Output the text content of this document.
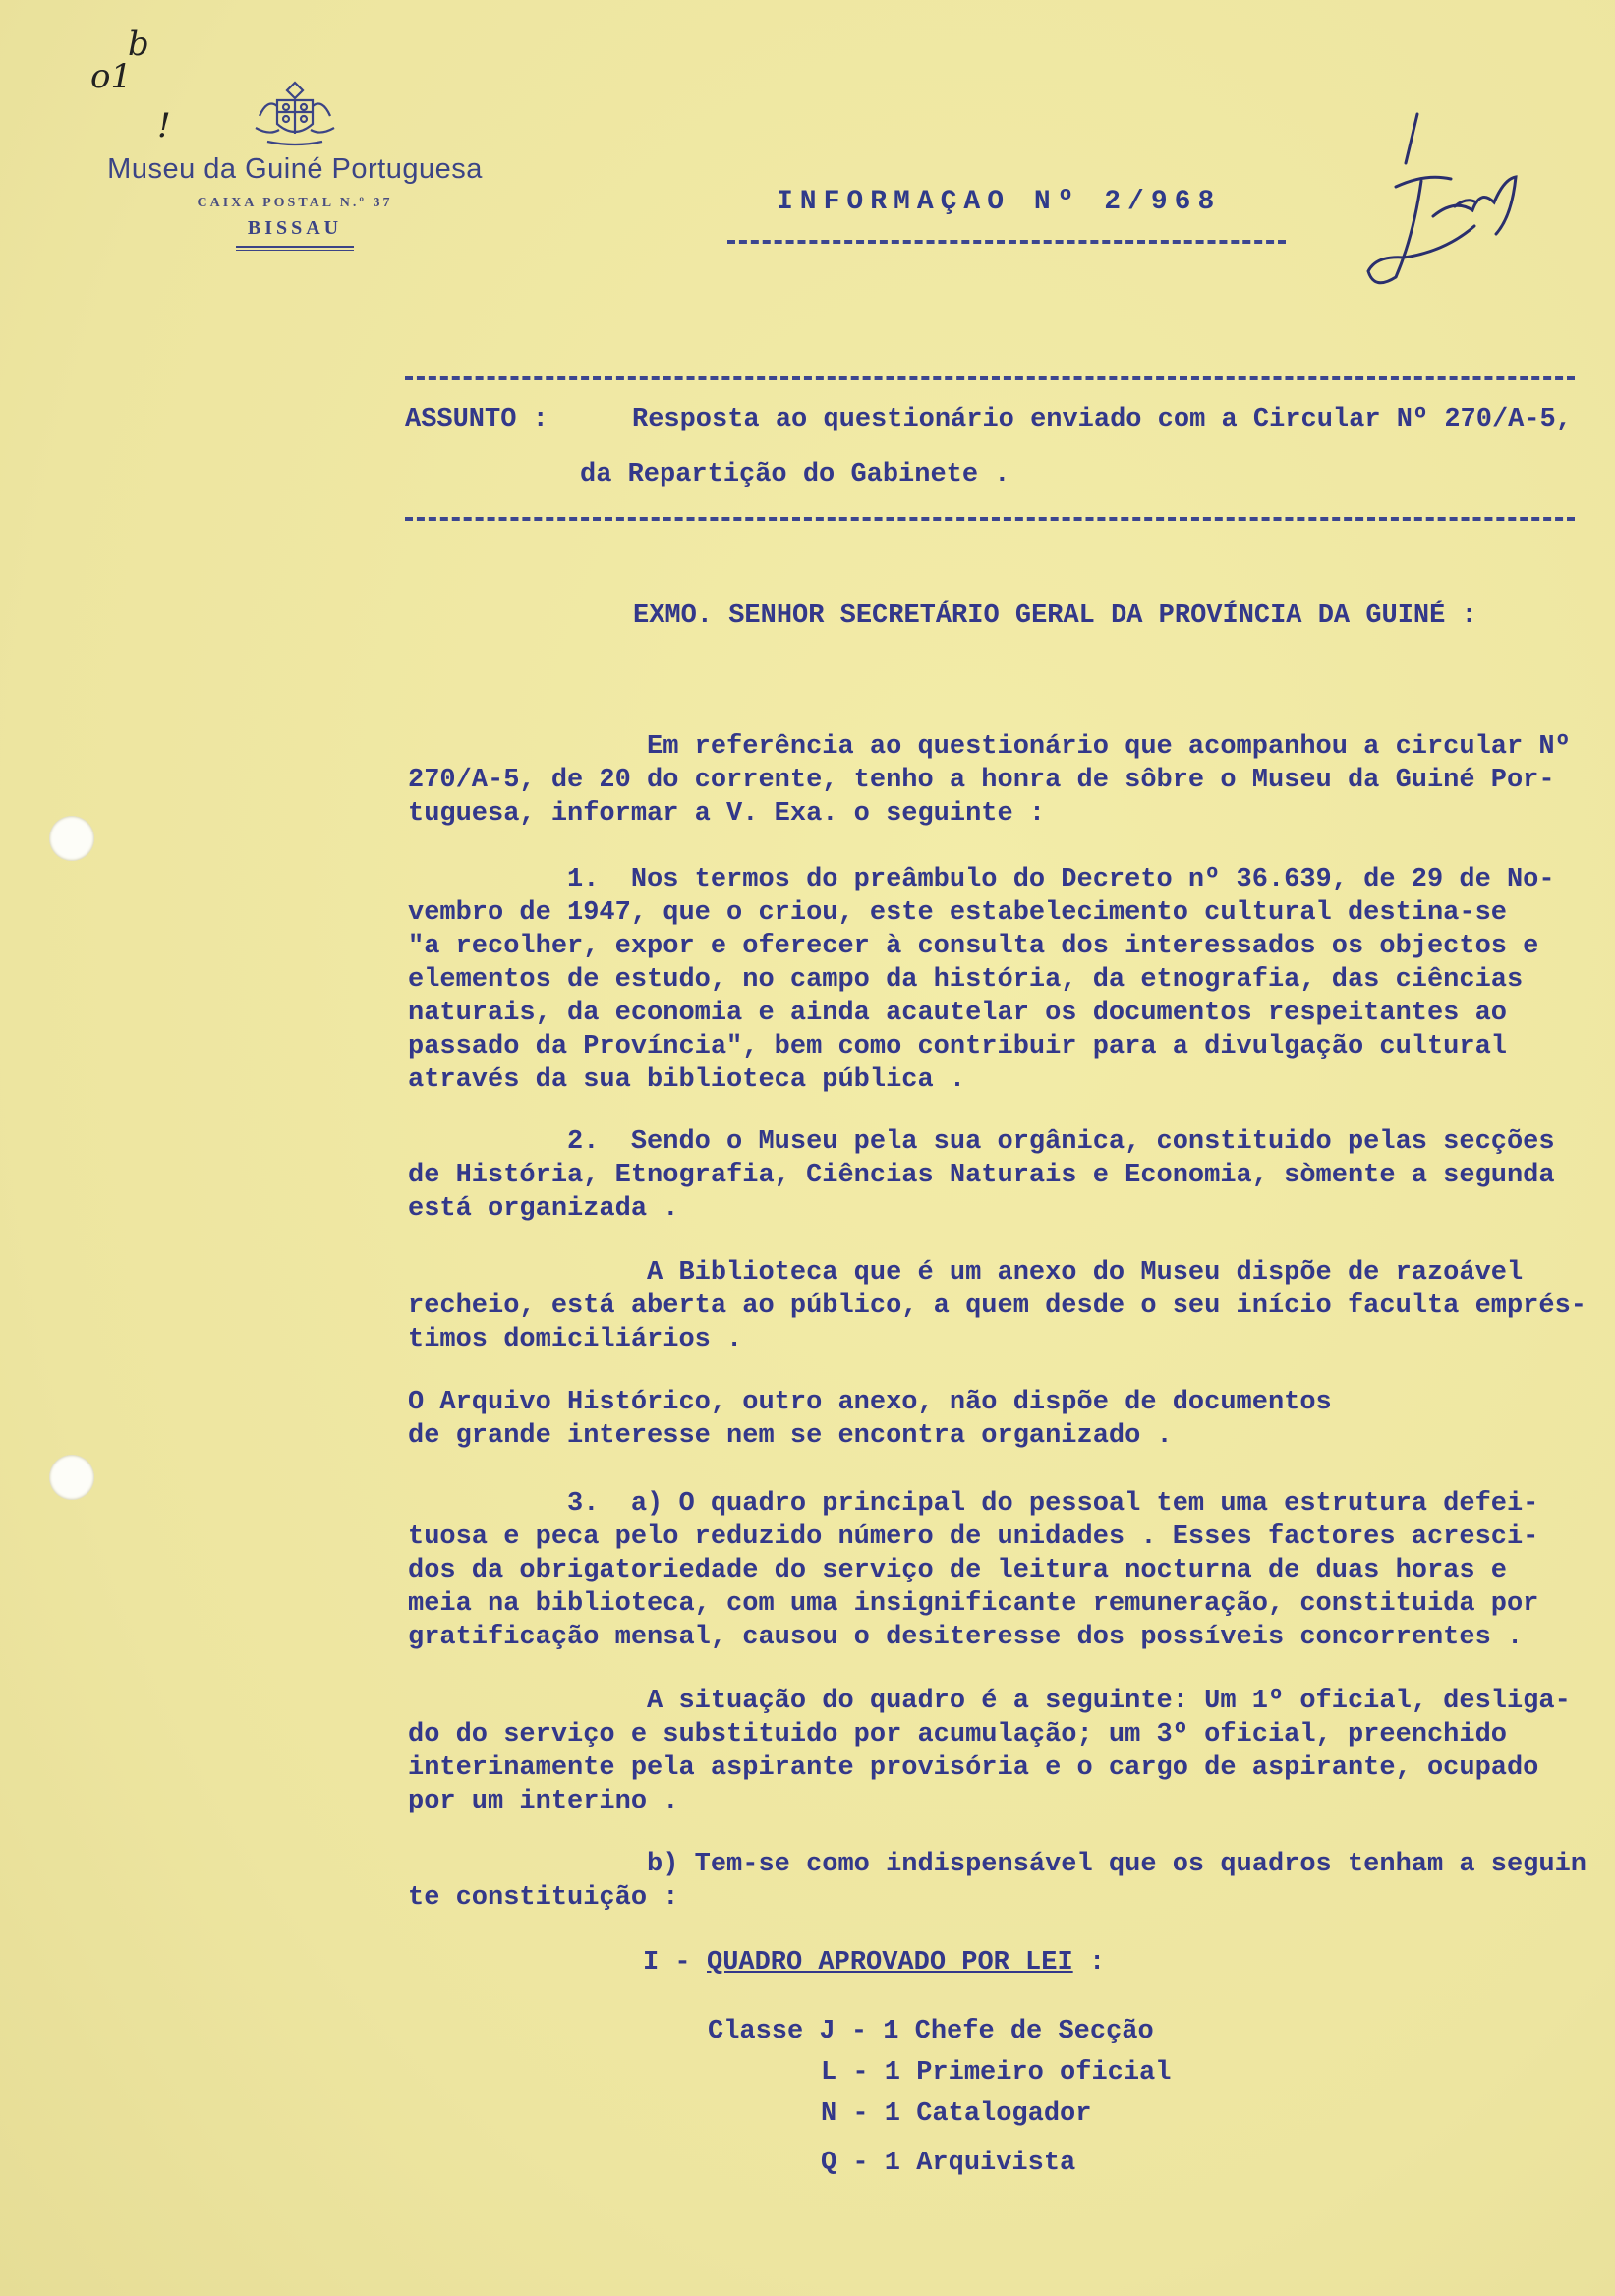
b
o1
!
Museu da Guiné Portuguesa
CAIXA POSTAL N.º 37
BISSAU
INFORMAÇAO Nº 2/968
ASSUNTO :	Resposta ao questionário enviado com a Circular Nº 270/A-5,
da Repartição do Gabinete .
EXMO. SENHOR SECRETÁRIO GERAL DA PROVÍNCIA DA GUINÉ :
Em referência ao questionário que acompanhou a circular Nº
270/A-5, de 20 do corrente, tenho a honra de sôbre o Museu da Guiné Por-
tuguesa, informar a V. Exa. o seguinte :
1.  Nos termos do preâmbulo do Decreto nº 36.639, de 29 de No-
vembro de 1947, que o criou, este estabelecimento cultural destina-se
"a recolher, expor e oferecer à consulta dos interessados os objectos e
elementos de estudo, no campo da história, da etnografia, das ciências
naturais, da economia e ainda acautelar os documentos respeitantes ao
passado da Província", bem como contribuir para a divulgação cultural
através da sua biblioteca pública .
2.  Sendo o Museu pela sua orgânica, constituido pelas secções
de História, Etnografia, Ciências Naturais e Economia, sòmente a segunda
está organizada .
A Biblioteca que é um anexo do Museu dispõe de razoável
recheio, está aberta ao público, a quem desde o seu início faculta emprés-
timos domiciliários .
O Arquivo Histórico, outro anexo, não dispõe de documentos
de grande interesse nem se encontra organizado .
3.  a) O quadro principal do pessoal tem uma estrutura defei-
tuosa e peca pelo reduzido número de unidades . Esses factores acresci-
dos da obrigatoriedade do serviço de leitura nocturna de duas horas e
meia na biblioteca, com uma insignificante remuneração, constituida por
gratificação mensal, causou o desiteresse dos possíveis concorrentes .
A situação do quadro é a seguinte: Um 1º oficial, desliga-
do do serviço e substituido por acumulação; um 3º oficial, preenchido
interinamente pela aspirante provisória e o cargo de aspirante, ocupado
por um interino .
b) Tem-se como indispensável que os quadros tenham a seguin
te constituição :
I - QUADRO APROVADO POR LEI :
Classe J - 1 Chefe de Secção
L - 1 Primeiro oficial
N - 1 Catalogador
Q - 1 Arquivista
